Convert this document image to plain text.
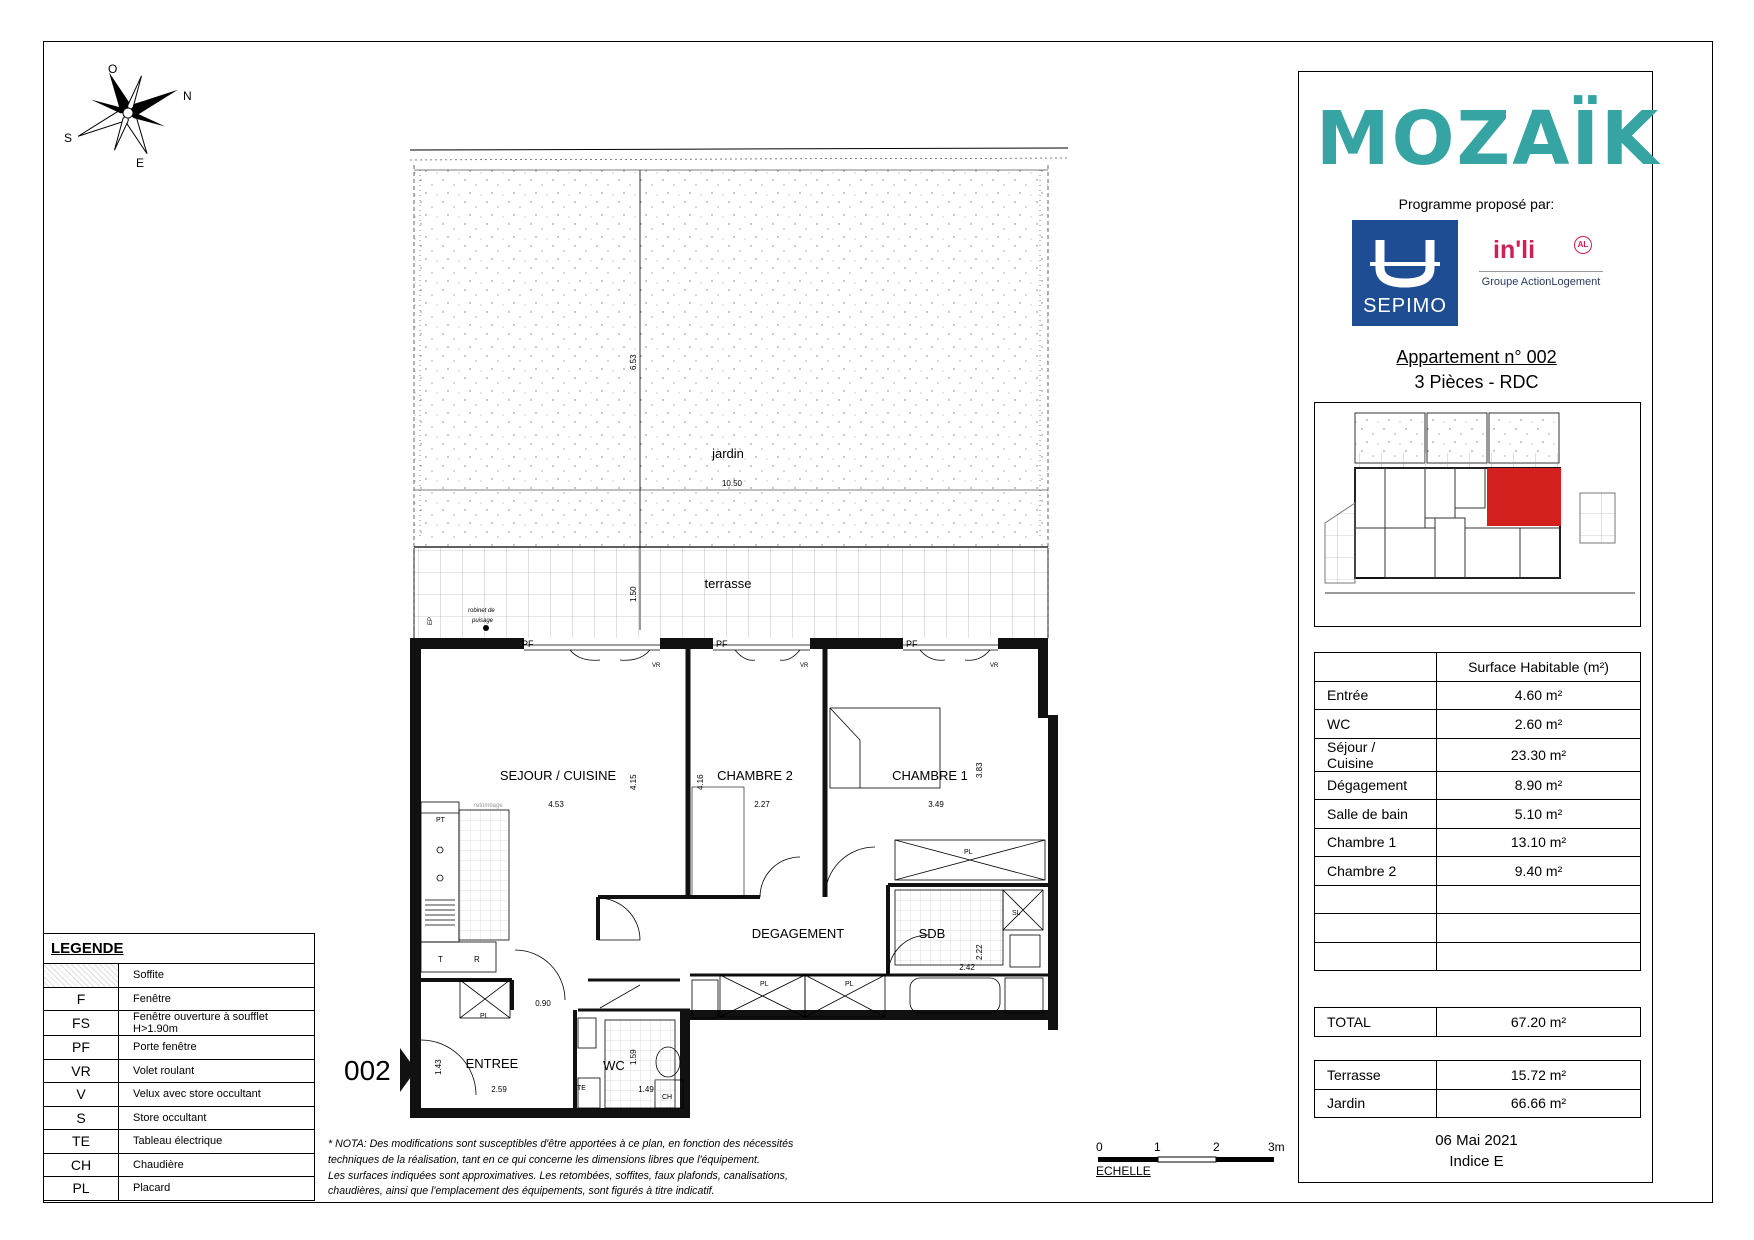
O
N
S
E
jardin
terrasse
SEJOUR / CUISINE	CHAMBRE 2	CHAMBRE 1
DEGAGEMENT	SDB
ENTREE	WC
6.53
10.50
1.50
4.15
4.53
4.16
2.27
3.83
3.49
2.22
2.42
0.90
1.43
2.59
1.59
1.49
PF	PF	PF
VR	VR	VR
PL
PL	PL
PL
TE
CH
T	R
PT
SL
EP
robinet de
puisage
retombage
002
LEGENDE	
	Soffite
F	Fenêtre
FS	Fenêtre ouverture à soufflet H>1.90m
PF	Porte fenêtre
VR	Volet roulant
V	Velux avec store occultant
S	Store occultant
TE	Tableau électrique
CH	Chaudière
PL	Placard
* NOTA: Des modifications sont susceptibles d'être apportées à ce plan, en fonction des nécessités
techniques de la réalisation, tant en ce qui concerne les dimensions libres que l'équipement.
Les surfaces indiquées sont approximatives. Les retombées, soffites, faux plafonds, canalisations,
chaudières, ainsi que l'emplacement des équipements, sont figurés à titre indicatif.
0	1	2	3m
ECHELLE
MOZAÏK
Programme proposé par:
SEPIMO
in'li	AL
Groupe ActionLogement
Appartement n° 002
3 Pièces - RDC
	Surface Habitable (m²)
Entrée	4.60 m²
WC	2.60 m²
Séjour / Cuisine	23.30 m²
Dégagement	8.90 m²
Salle de bain	5.10 m²
Chambre 1	13.10 m²
Chambre 2	9.40 m²

TOTAL	67.20 m²
Terrasse	15.72 m²
Jardin	66.66 m²
06 Mai 2021
Indice E
